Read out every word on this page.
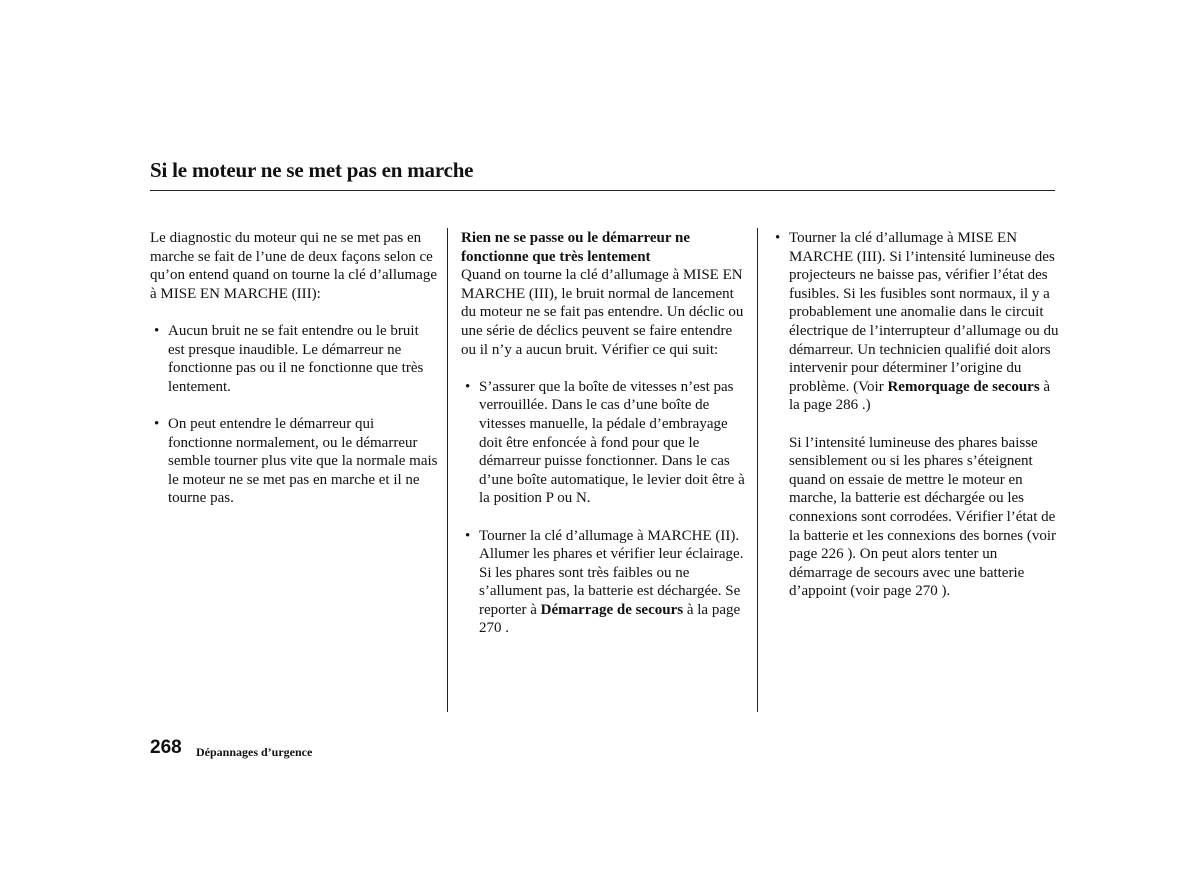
Si le moteur ne se met pas en marche

Le diagnostic du moteur qui ne se met pas en marche se fait de l’une de deux façons selon ce qu’on entend quand on tourne la clé d’allumage à MISE EN MARCHE (III):

• Aucun bruit ne se fait entendre ou le bruit est presque inaudible. Le démarreur ne fonctionne pas ou il ne fonctionne que très lentement.

• On peut entendre le démarreur qui fonctionne normalement, ou le démarreur semble tourner plus vite que la normale mais le moteur ne se met pas en marche et il ne tourne pas.

Rien ne se passe ou le démarreur ne fonctionne que très lentement

Quand on tourne la clé d’allumage à MISE EN MARCHE (III), le bruit normal de lancement du moteur ne se fait pas entendre. Un déclic ou une série de déclics peuvent se faire entendre ou il n’y a aucun bruit. Vérifier ce qui suit:

• S’assurer que la boîte de vitesses n’est pas verrouillée. Dans le cas d’une boîte de vitesses manuelle, la pédale d’embrayage doit être enfoncée à fond pour que le démarreur puisse fonctionner. Dans le cas d’une boîte automatique, le levier doit être à la position P ou N.

• Tourner la clé d’allumage à MARCHE (II). Allumer les phares et vérifier leur éclairage. Si les phares sont très faibles ou ne s’allument pas, la batterie est déchargée. Se reporter à Démarrage de secours à la page 270 .

• Tourner la clé d’allumage à MISE EN MARCHE (III). Si l’intensité lumineuse des projecteurs ne baisse pas, vérifier l’état des fusibles. Si les fusibles sont normaux, il y a probablement une anomalie dans le circuit électrique de l’interrupteur d’allumage ou du démarreur. Un technicien qualifié doit alors intervenir pour déterminer l’origine du problème. (Voir Remorquage de secours à la page 286 .)

Si l’intensité lumineuse des phares baisse sensiblement ou si les phares s’éteignent quand on essaie de mettre le moteur en marche, la batterie est déchargée ou les connexions sont corrodées. Vérifier l’état de la batterie et les connexions des bornes (voir page 226 ). On peut alors tenter un démarrage de secours avec une batterie d’appoint (voir page 270 ).

268 Dépannages d’urgence
